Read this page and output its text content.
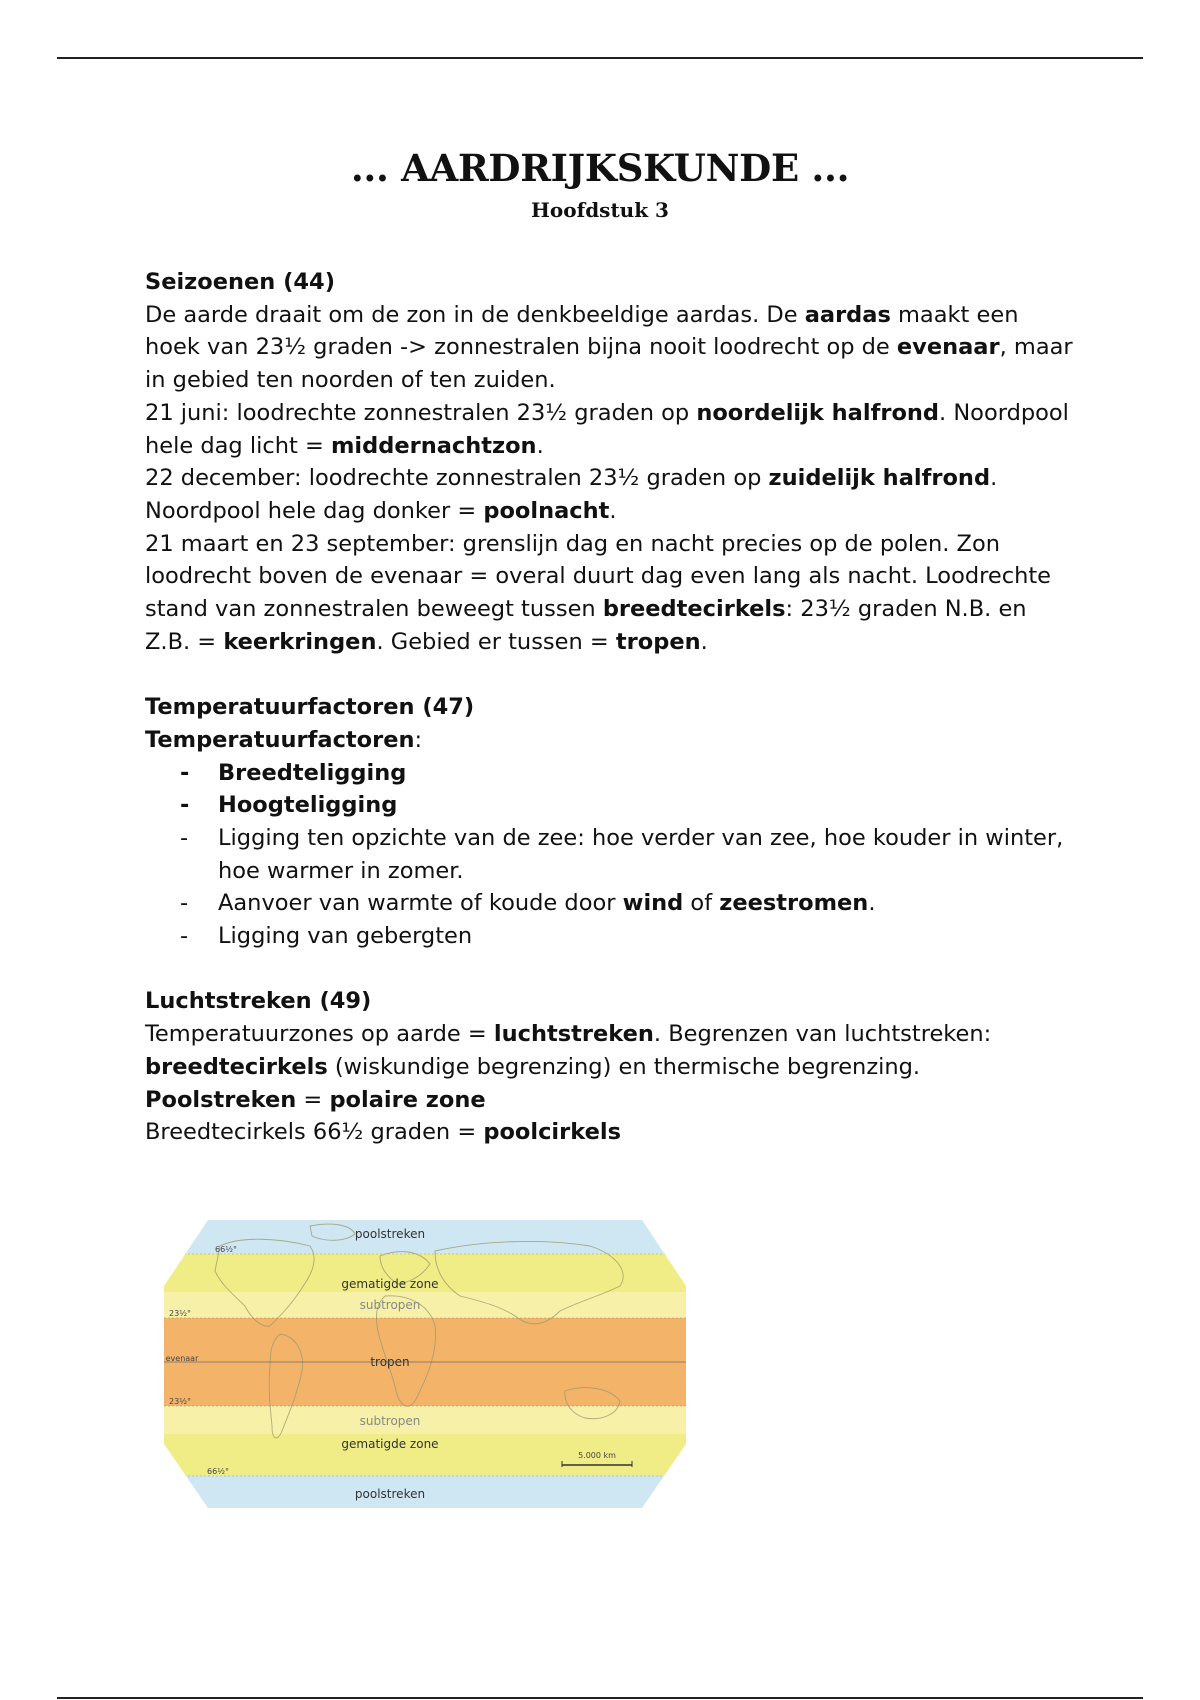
... AARDRIJKSKUNDE ...
Hoofdstuk 3

Seizoenen (44)

De aarde draait om de zon in de denkbeeldige aardas. De aardas maakt een hoek van 23½ graden -> zonnestralen bijna nooit loodrecht op de evenaar, maar in gebied ten noorden of ten zuiden.

21 juni: loodrechte zonnestralen 23½ graden op noordelijk halfrond. Noordpool hele dag licht = middernachtzon.

22 december: loodrechte zonnestralen 23½ graden op zuidelijk halfrond. Noordpool hele dag donker = poolnacht.

21 maart en 23 september: grenslijn dag en nacht precies op de polen. Zon loodrecht boven de evenaar = overal duurt dag even lang als nacht. Loodrechte stand van zonnestralen beweegt tussen breedtecirkels: 23½ graden N.B. en Z.B. = keerkringen. Gebied er tussen = tropen.

Temperatuurfactoren (47)

Temperatuurfactoren:

- Breedteligging
- Hoogteligging
- Ligging ten opzichte van de zee: hoe verder van zee, hoe kouder in winter, hoe warmer in zomer.
- Aanvoer van warmte of koude door wind of zeestromen.
- Ligging van gebergten

Luchtstreken (49)

Temperatuurzones op aarde = luchtstreken. Begrenzen van luchtstreken: breedtecirkels (wiskundige begrenzing) en thermische begrenzing.

Poolstreken = polaire zone

Breedtecirkels 66½ graden = poolcirkels

poolstreken
66½°
gematigde zone
subtropen
23½°
evenaar	tropen
23½°
subtropen
gematigde zone
66½°
poolstreken
5.000 km
